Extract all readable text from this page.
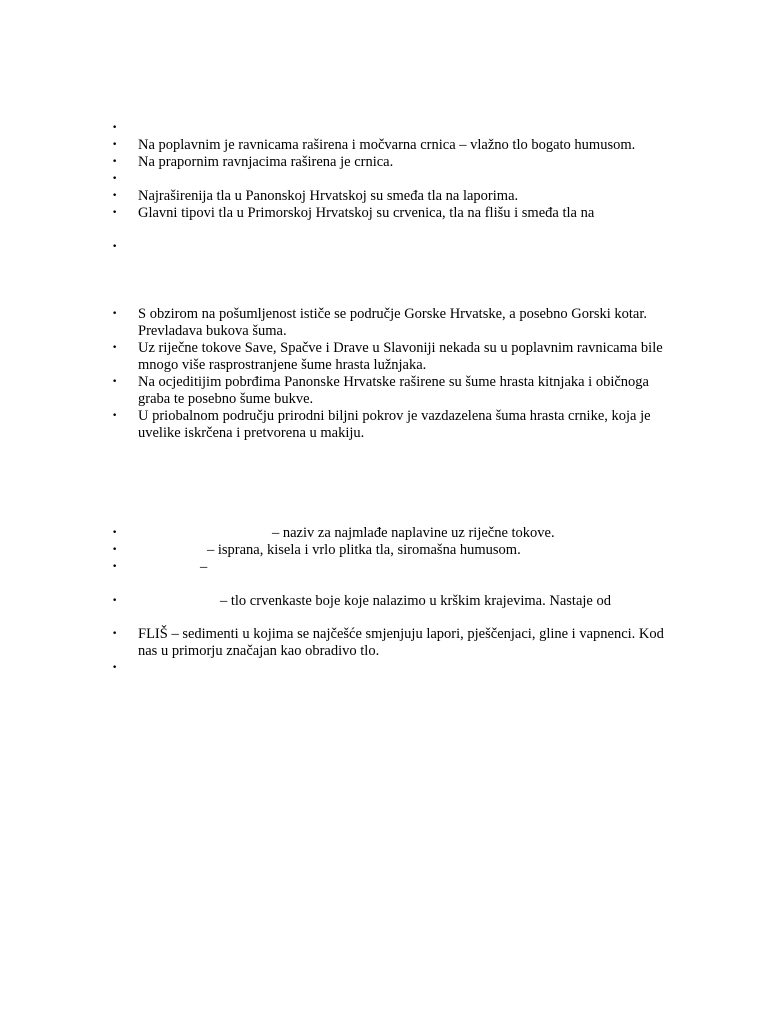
•
•	Na poplavnim je ravnicama raširena i močvarna crnica – vlažno tlo bogato humusom.
•	Na prapornim ravnjacima raširena je crnica.
•
•	Najraširenija tla u Panonskoj Hrvatskoj su smeđa tla na laporima.
•	Glavni tipovi tla u Primorskoj Hrvatskoj su crvenica, tla na flišu i smeđa tla na
•
•	S obzirom na pošumljenost ističe se područje Gorske Hrvatske, a posebno Gorski kotar. Prevladava bukova šuma.
•	Uz riječne tokove Save, Spačve i Drave u Slavoniji nekada su u poplavnim ravnicama bile mnogo više rasprostranjene šume hrasta lužnjaka.
•	Na ocjeditijim pobrđima Panonske Hrvatske raširene su šume hrasta kitnjaka i običnoga graba te posebno šume bukve.
•	U priobalnom području prirodni biljni pokrov je vazdazelena šuma hrasta crnike, koja je uvelike iskrčena i pretvorena u makiju.
•	– naziv za najmlađe naplavine uz riječne tokove.
•	– isprana, kisela i vrlo plitka tla, siromašna humusom.
•	–
•	– tlo crvenkaste boje koje nalazimo u krškim krajevima. Nastaje od
•	FLIŠ – sedimenti u kojima se najčešće smjenjuju lapori, pješčenjaci, gline i vapnenci. Kod nas u primorju značajan kao obradivo tlo.
•
